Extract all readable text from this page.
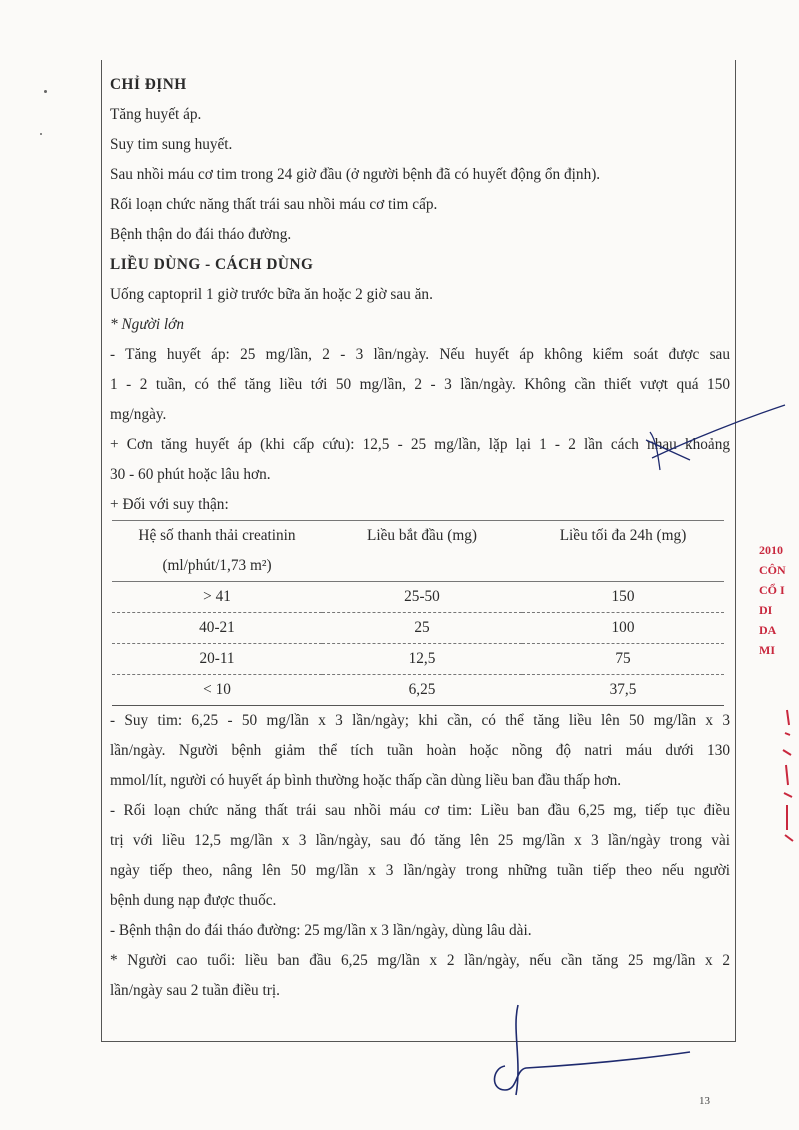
CHỈ ĐỊNH
Tăng huyết áp.
Suy tim sung huyết.
Sau nhồi máu cơ tim trong 24 giờ đầu (ở người bệnh đã có huyết động ổn định).
Rối loạn chức năng thất trái sau nhồi máu cơ tim cấp.
Bệnh thận do đái tháo đường.
LIỀU DÙNG - CÁCH DÙNG
Uống captopril 1 giờ trước bữa ăn hoặc 2 giờ sau ăn.
* Người lớn
- Tăng huyết áp: 25 mg/lần, 2 - 3 lần/ngày. Nếu huyết áp không kiểm soát được sau
1 - 2 tuần, có thể tăng liều tới 50 mg/lần, 2 - 3 lần/ngày. Không cần thiết vượt quá 150
mg/ngày.
+ Cơn tăng huyết áp (khi cấp cứu): 12,5 - 25 mg/lần, lặp lại 1 - 2 lần cách nhau khoảng
30 - 60 phút hoặc lâu hơn.
+ Đối với suy thận:
Hệ số thanh thải creatinin	Liều bắt đầu (mg)	Liều tối đa 24h (mg)
(ml/phút/1,73 m²)		
> 41	25-50	150
40-21	25	100
20-11	12,5	75
< 10	6,25	37,5
- Suy tim: 6,25 - 50 mg/lần x 3 lần/ngày; khi cần, có thể tăng liều lên 50 mg/lần x 3
lần/ngày. Người bệnh giảm thể tích tuần hoàn hoặc nồng độ natri máu dưới 130
mmol/lít, người có huyết áp bình thường hoặc thấp cần dùng liều ban đầu thấp hơn.
- Rối loạn chức năng thất trái sau nhồi máu cơ tim: Liều ban đầu 6,25 mg, tiếp tục điều
trị với liều 12,5 mg/lần x 3 lần/ngày, sau đó tăng lên 25 mg/lần x 3 lần/ngày trong vài
ngày tiếp theo, nâng lên 50 mg/lần x 3 lần/ngày trong những tuần tiếp theo nếu người
bệnh dung nạp được thuốc.
- Bệnh thận do đái tháo đường: 25 mg/lần x 3 lần/ngày, dùng lâu dài.
* Người cao tuổi: liều ban đầu 6,25 mg/lần x 2 lần/ngày, nếu cần tăng 25 mg/lần x 2
lần/ngày sau 2 tuần điều trị.
2010
CÔN
CỔ I
DI
DA
MI
13
